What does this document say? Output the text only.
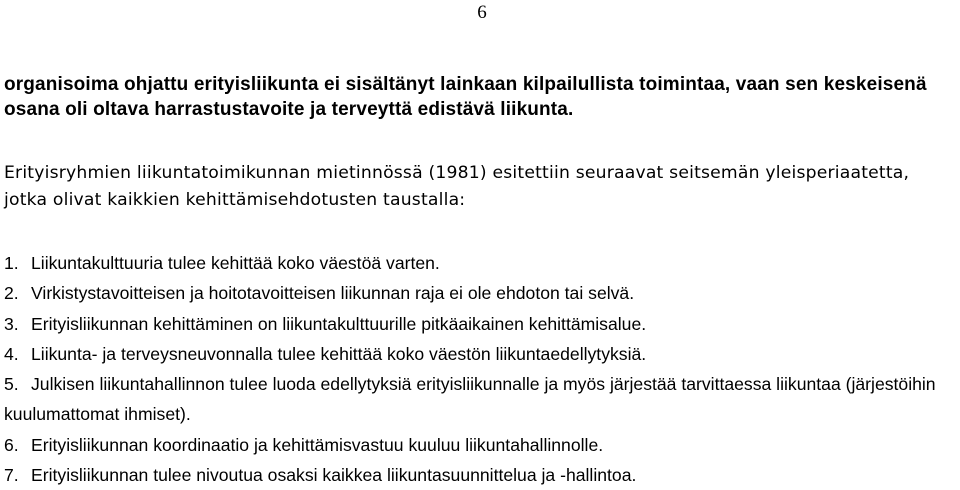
6

organisoima ohjattu erityisliikunta ei sisältänyt lainkaan kilpailullista toimintaa, vaan sen keskeisenä osana oli oltava harrastustavoite ja terveyttä edistävä liikunta.

Erityisryhmien liikuntatoimikunnan mietinnössä (1981) esitettiin seuraavat seitsemän yleisperiaatetta, jotka olivat kaikkien kehittämisehdotusten taustalla:

1. Liikuntakulttuuria tulee kehittää koko väestöä varten.
2. Virkistystavoitteisen ja hoitotavoitteisen liikunnan raja ei ole ehdoton tai selvä.
3. Erityisliikunnan kehittäminen on liikuntakulttuurille pitkäaikainen kehittämisalue.
4. Liikunta- ja terveysneuvonnalla tulee kehittää koko väestön liikuntaedellytyksiä.
5. Julkisen liikuntahallinnon tulee luoda edellytyksiä erityisliikunnalle ja myös järjestää tarvittaessa liikuntaa (järjestöihin kuulumattomat ihmiset).
6. Erityisliikunnan koordinaatio ja kehittämisvastuu kuuluu liikuntahallinnolle.
7. Erityisliikunnan tulee nivoutua osaksi kaikkea liikuntasuunnittelua ja -hallintoa.
